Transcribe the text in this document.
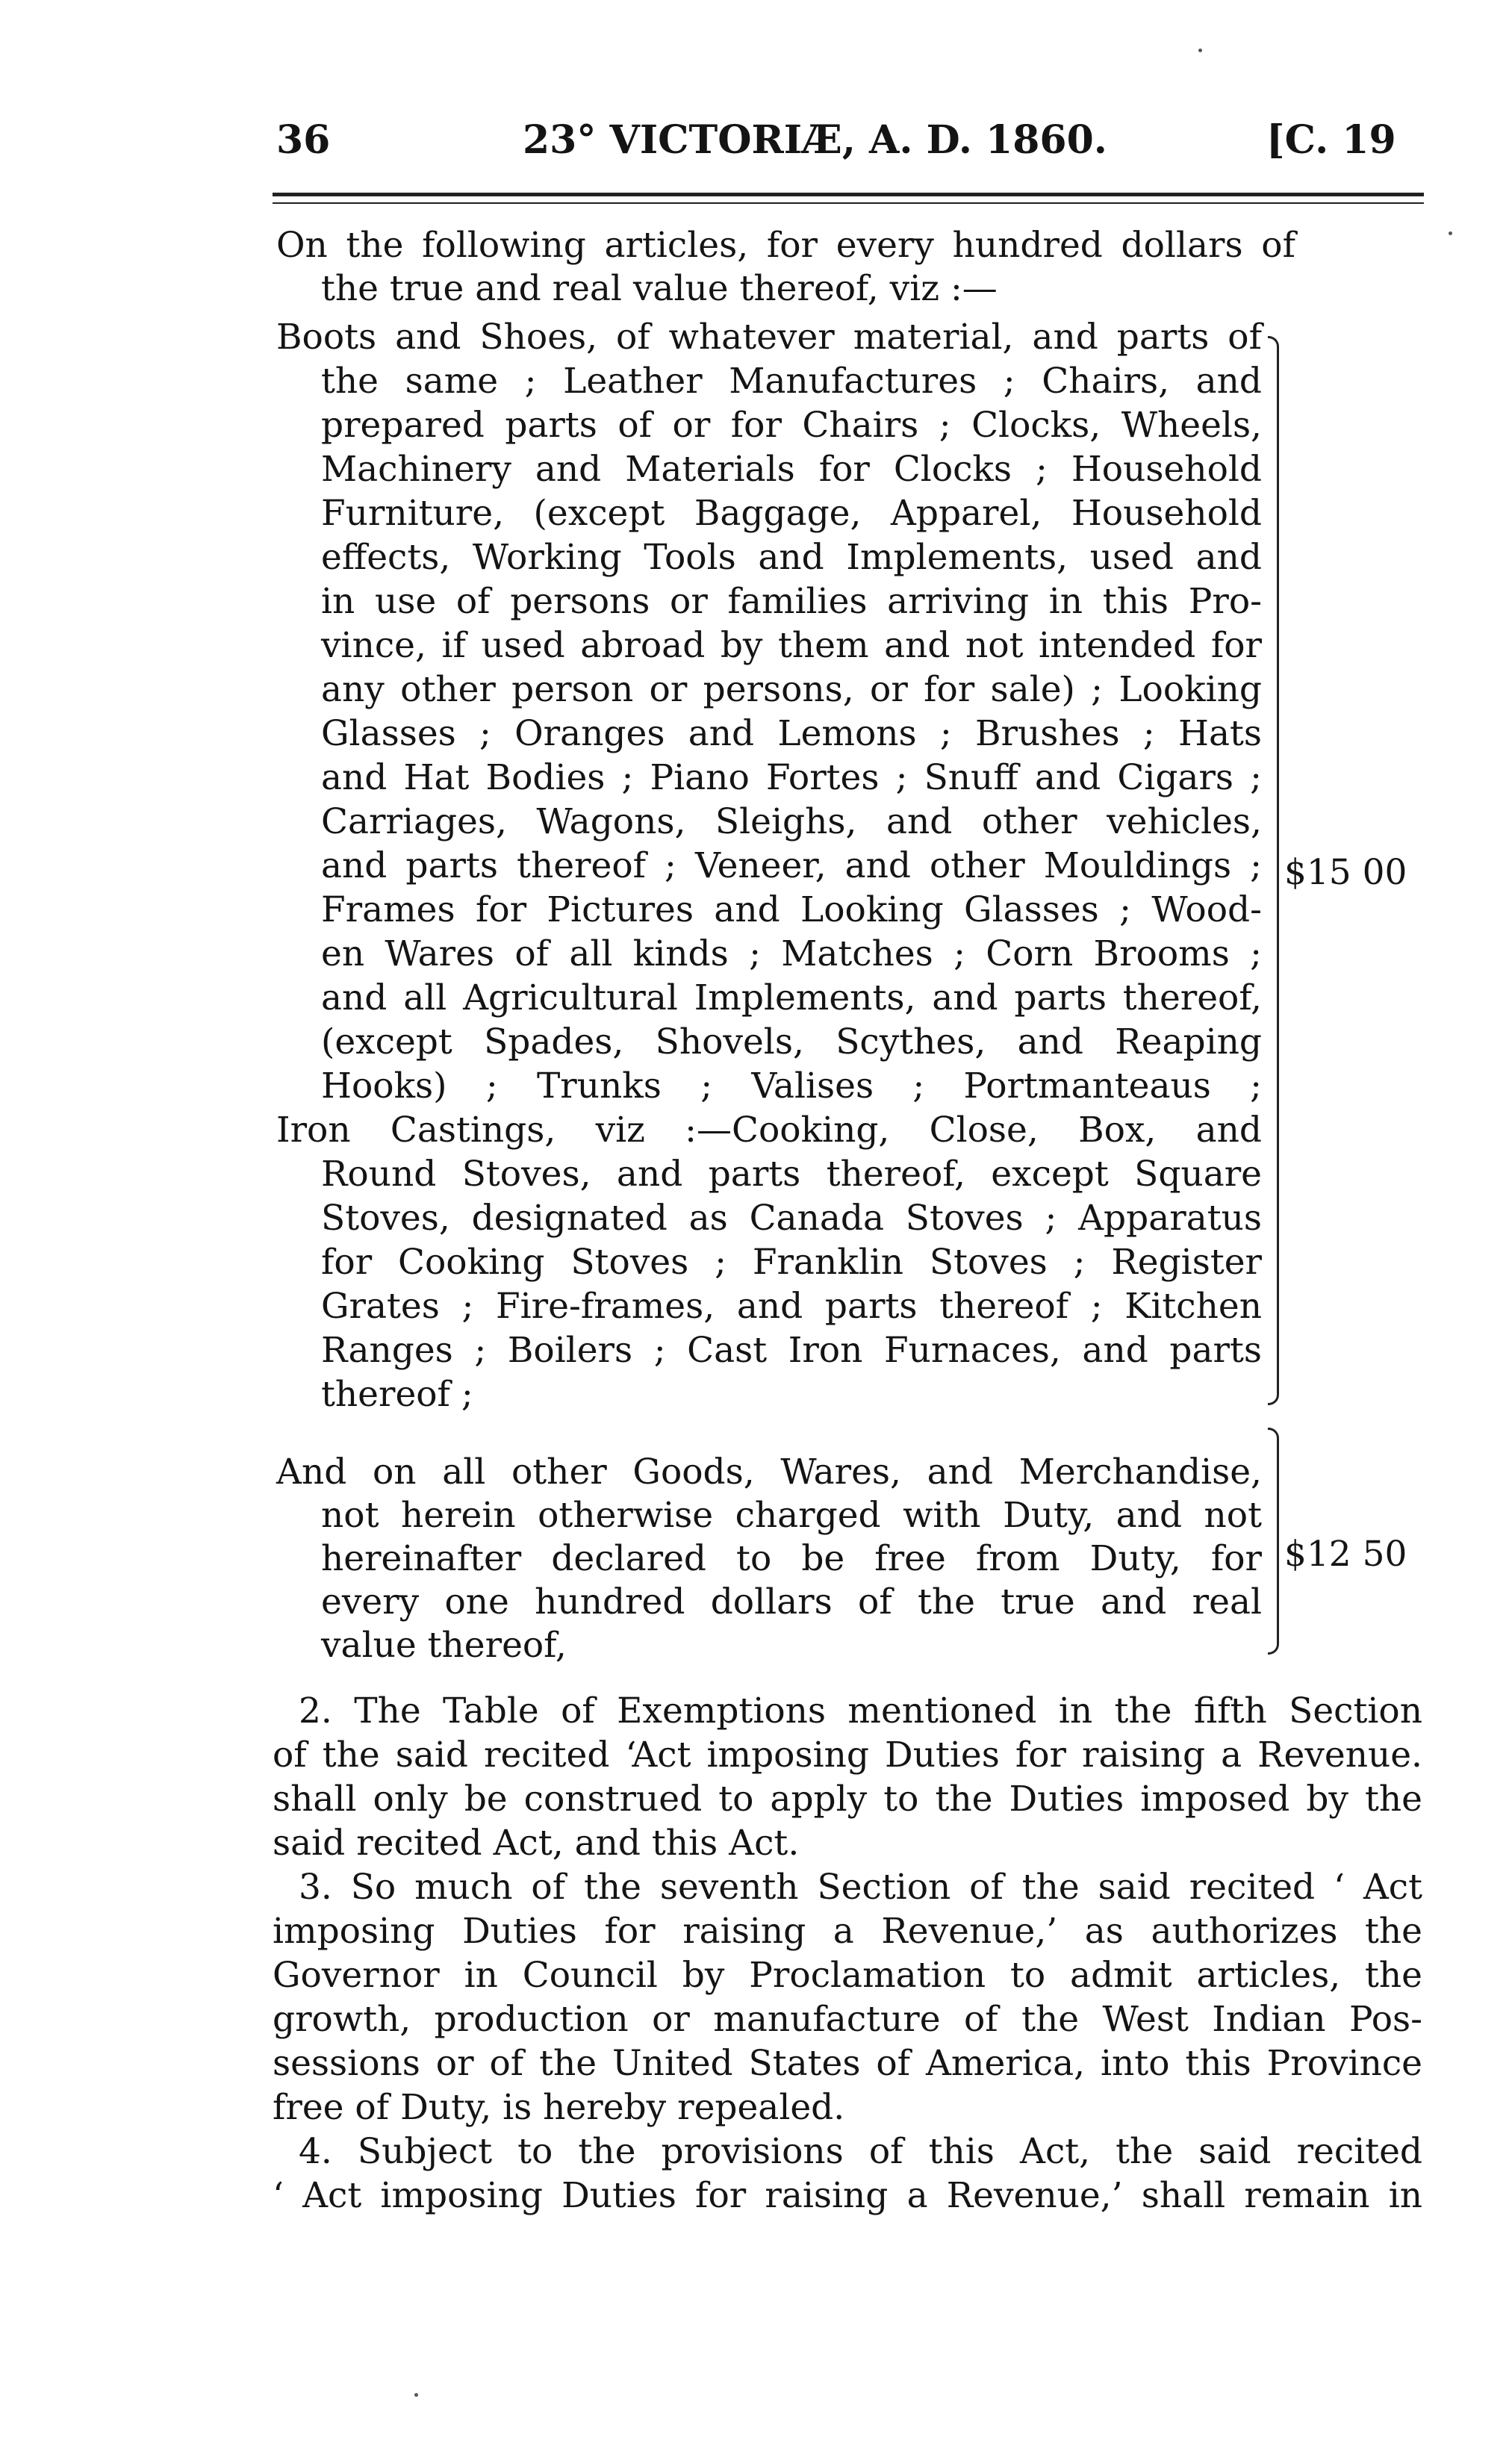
36	23° VICTORIÆ, A. D. 1860.	[C. 19
On the following articles, for every hundred dollars of
the true and real value thereof, viz :—
Boots and Shoes, of whatever material, and parts of
the same ; Leather Manufactures ; Chairs, and
prepared parts of or for Chairs ; Clocks, Wheels,
Machinery and Materials for Clocks ; Household
Furniture, (except Baggage, Apparel, Household
effects, Working Tools and Implements, used and
in use of persons or families arriving in this Pro-
vince, if used abroad by them and not intended for
any other person or persons, or for sale) ; Looking
Glasses ; Oranges and Lemons ; Brushes ; Hats
and Hat Bodies ; Piano Fortes ; Snuff and Cigars ;
Carriages, Wagons, Sleighs, and other vehicles,
and parts thereof ; Veneer, and other Mouldings ;
Frames for Pictures and Looking Glasses ; Wood-
en Wares of all kinds ; Matches ; Corn Brooms ;
and all Agricultural Implements, and parts thereof,
(except Spades, Shovels, Scythes, and Reaping
Hooks) ; Trunks ; Valises ; Portmanteaus ;
Iron Castings, viz :—Cooking, Close, Box, and
Round Stoves, and parts thereof, except Square
Stoves, designated as Canada Stoves ; Apparatus
for Cooking Stoves ; Franklin Stoves ; Register
Grates ; Fire-frames, and parts thereof ; Kitchen
Ranges ; Boilers ; Cast Iron Furnaces, and parts
thereof ;
$15 00
And on all other Goods, Wares, and Merchandise,
not herein otherwise charged with Duty, and not
hereinafter declared to be free from Duty, for
every one hundred dollars of the true and real
value thereof,
$12 50
2. The Table of Exemptions mentioned in the fifth Section
of the said recited ‘Act imposing Duties for raising a Revenue.
shall only be construed to apply to the Duties imposed by the
said recited Act, and this Act.
3. So much of the seventh Section of the said recited ‘ Act
imposing Duties for raising a Revenue,’ as authorizes the
Governor in Council by Proclamation to admit articles, the
growth, production or manufacture of the West Indian Pos-
sessions or of the United States of America, into this Province
free of Duty, is hereby repealed.
4. Subject to the provisions of this Act, the said recited
‘ Act imposing Duties for raising a Revenue,’ shall remain in
